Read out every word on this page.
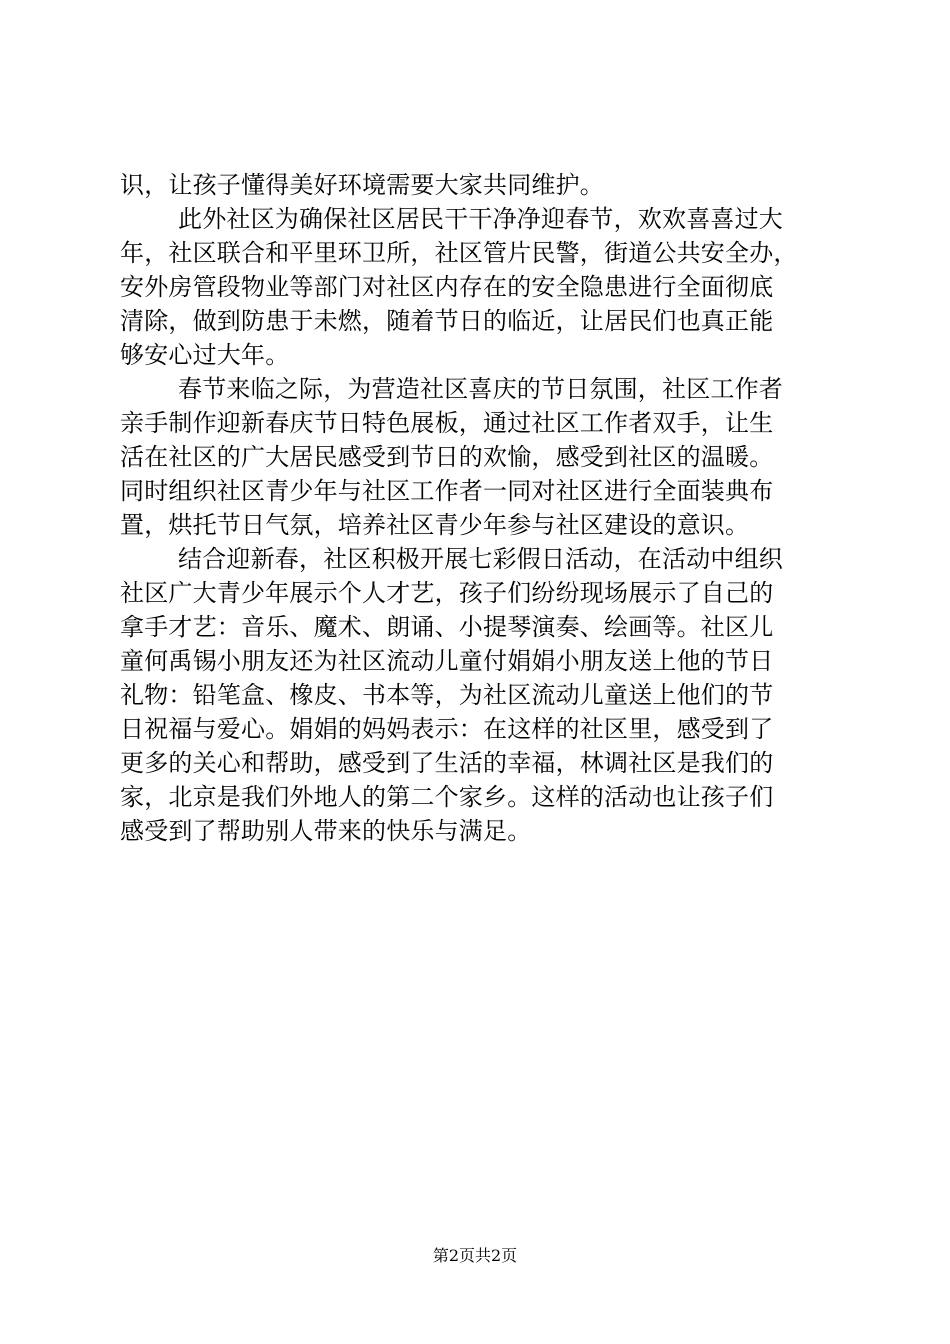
识，让孩子懂得美好环境需要大家共同维护。
此外社区为确保社区居民干干净净迎春节，欢欢喜喜过大
年，社区联合和平里环卫所，社区管片民警，街道公共安全办，
安外房管段物业等部门对社区内存在的安全隐患进行全面彻底
清除，做到防患于未燃，随着节日的临近，让居民们也真正能
够安心过大年。
春节来临之际，为营造社区喜庆的节日氛围，社区工作者
亲手制作迎新春庆节日特色展板，通过社区工作者双手，让生
活在社区的广大居民感受到节日的欢愉，感受到社区的温暖。
同时组织社区青少年与社区工作者一同对社区进行全面装典布
置，烘托节日气氛，培养社区青少年参与社区建设的意识。
结合迎新春，社区积极开展七彩假日活动，在活动中组织
社区广大青少年展示个人才艺，孩子们纷纷现场展示了自己的
拿手才艺：音乐、魔术、朗诵、小提琴演奏、绘画等。社区儿
童何禹锡小朋友还为社区流动儿童付娟娟小朋友送上他的节日
礼物：铅笔盒、橡皮、书本等，为社区流动儿童送上他们的节
日祝福与爱心。娟娟的妈妈表示：在这样的社区里，感受到了
更多的关心和帮助，感受到了生活的幸福，林调社区是我们的
家，北京是我们外地人的第二个家乡。这样的活动也让孩子们
感受到了帮助别人带来的快乐与满足。
第2页共2页
